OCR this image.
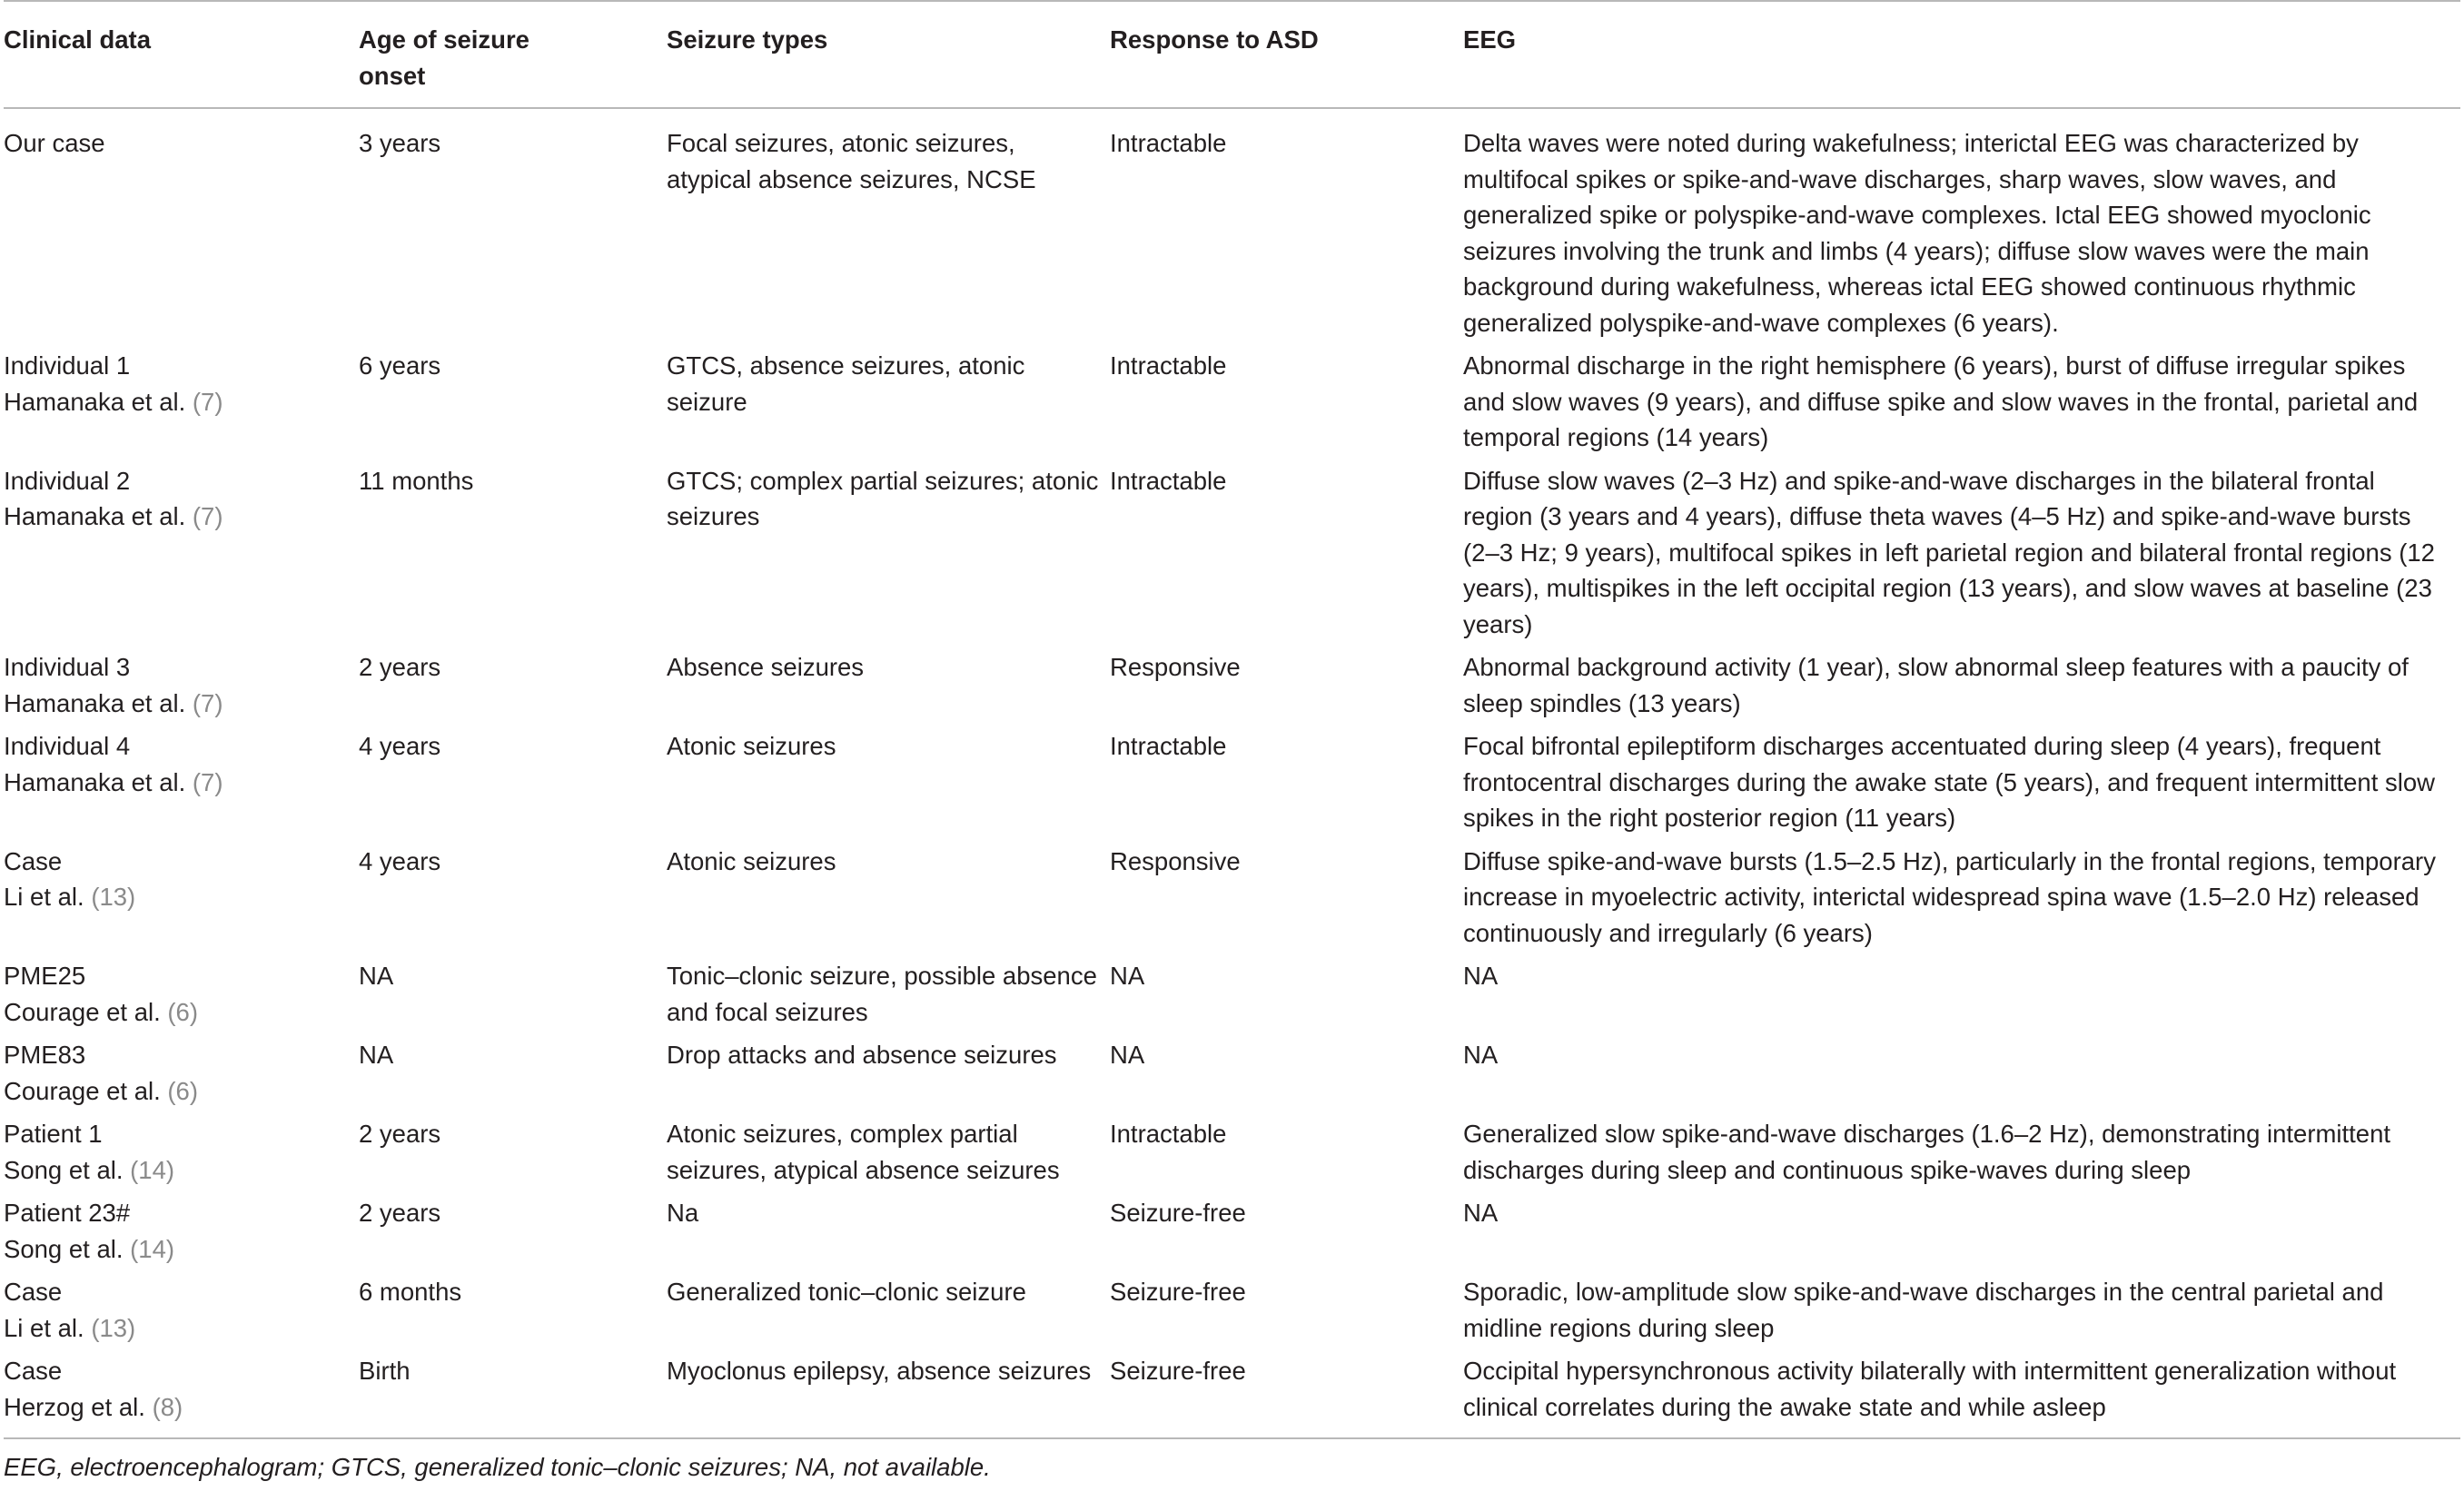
Clinical data	Age of seizure onset	Seizure types	Response to ASD	EEG

Our case	3 years	Focal seizures, atonic seizures, atypical absence seizures, NCSE	Intractable	Delta waves were noted during wakefulness; interictal EEG was characterized by multifocal spikes or spike-and-wave discharges, sharp waves, slow waves, and generalized spike or polyspike-and-wave complexes. Ictal EEG showed myoclonic seizures involving the trunk and limbs (4 years); diffuse slow waves were the main background during wakefulness, whereas ictal EEG showed continuous rhythmic generalized polyspike-and-wave complexes (6 years).

Individual 1
Hamanaka et al. (7)	6 years	GTCS, absence seizures, atonic seizure	Intractable	Abnormal discharge in the right hemisphere (6 years), burst of diffuse irregular spikes and slow waves (9 years), and diffuse spike and slow waves in the frontal, parietal and temporal regions (14 years)

Individual 2
Hamanaka et al. (7)	11 months	GTCS; complex partial seizures; atonic seizures	Intractable	Diffuse slow waves (2–3 Hz) and spike-and-wave discharges in the bilateral frontal region (3 years and 4 years), diffuse theta waves (4–5 Hz) and spike-and-wave bursts (2–3 Hz; 9 years), multifocal spikes in left parietal region and bilateral frontal regions (12 years), multispikes in the left occipital region (13 years), and slow waves at baseline (23 years)

Individual 3
Hamanaka et al. (7)	2 years	Absence seizures	Responsive	Abnormal background activity (1 year), slow abnormal sleep features with a paucity of sleep spindles (13 years)

Individual 4
Hamanaka et al. (7)	4 years	Atonic seizures	Intractable	Focal bifrontal epileptiform discharges accentuated during sleep (4 years), frequent frontocentral discharges during the awake state (5 years), and frequent intermittent slow spikes in the right posterior region (11 years)

Case
Li et al. (13)	4 years	Atonic seizures	Responsive	Diffuse spike-and-wave bursts (1.5–2.5 Hz), particularly in the frontal regions, temporary increase in myoelectric activity, interictal widespread spina wave (1.5–2.0 Hz) released continuously and irregularly (6 years)

PME25
Courage et al. (6)	NA	Tonic–clonic seizure, possible absence and focal seizures	NA	NA

PME83
Courage et al. (6)	NA	Drop attacks and absence seizures	NA	NA

Patient 1
Song et al. (14)	2 years	Atonic seizures, complex partial seizures, atypical absence seizures	Intractable	Generalized slow spike-and-wave discharges (1.6–2 Hz), demonstrating intermittent discharges during sleep and continuous spike-waves during sleep

Patient 23#
Song et al. (14)	2 years	Na	Seizure-free	NA

Case
Li et al. (13)	6 months	Generalized tonic–clonic seizure	Seizure-free	Sporadic, low-amplitude slow spike-and-wave discharges in the central parietal and midline regions during sleep

Case
Herzog et al. (8)	Birth	Myoclonus epilepsy, absence seizures	Seizure-free	Occipital hypersynchronous activity bilaterally with intermittent generalization without clinical correlates during the awake state and while asleep
EEG, electroencephalogram; GTCS, generalized tonic–clonic seizures; NA, not available.
